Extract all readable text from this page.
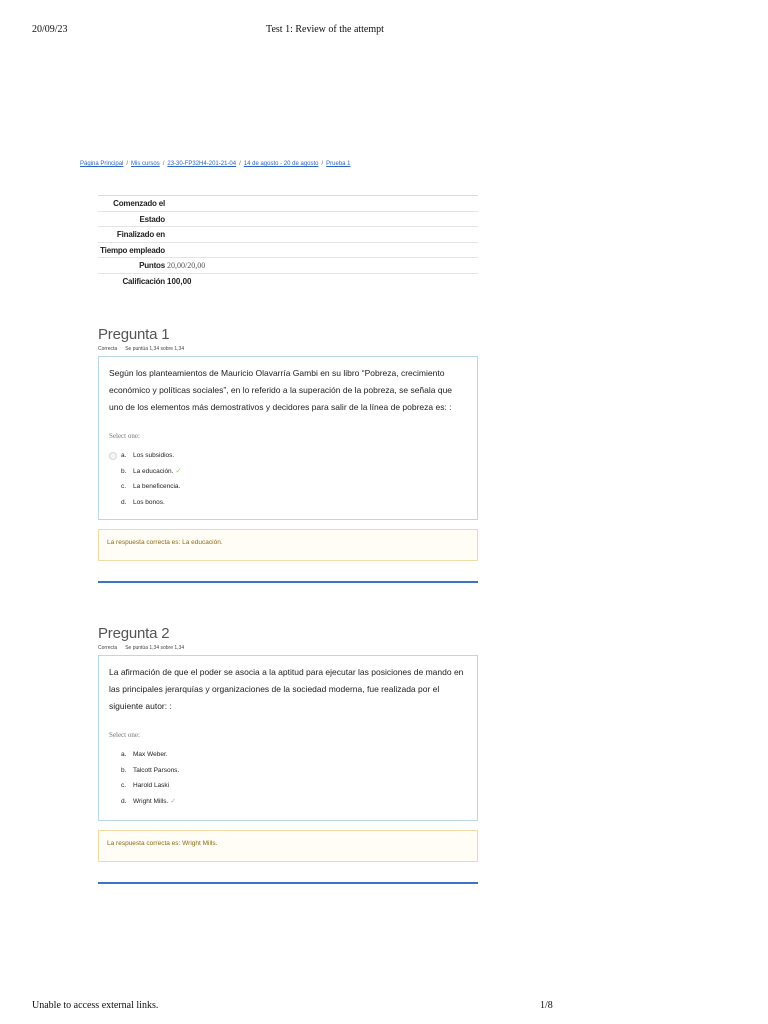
20/09/23	Test 1: Review of the attempt
Página Principal / Mis cursos / 23-30-FP32H4-201-21-04 / 14 de agosto - 20 de agosto / Prueba 1
Comenzado el
Estado
Finalizado en
Tiempo empleado
Puntos 20,00/20,00
Calificación 100,00
Pregunta 1
Correcta Se puntúa 1,34 sobre 1,34
Según los planteamientos de Mauricio Olavarría Gambi en su libro “Pobreza, crecimiento económico y políticas sociales”, en lo referido a la superación de la pobreza, se señala que uno de los elementos más demostrativos y decidores para salir de la línea de pobreza es: :
Select one:
a. Los subsidios.
b. La educación. ✓
c. La beneficencia.
d. Los bonos.
La respuesta correcta es: La educación.
Pregunta 2
Correcta Se puntúa 1,34 sobre 1,34
La afirmación de que el poder se asocia a la aptitud para ejecutar las posiciones de mando en las principales jerarquías y organizaciones de la sociedad moderna, fue realizada por el siguiente autor: :
Select one:
a. Max Weber.
b. Talcott Parsons.
c. Harold Laski
d. Wright Mills. ✓
La respuesta correcta es: Wright Mills.
Unable to access external links.	1/8
